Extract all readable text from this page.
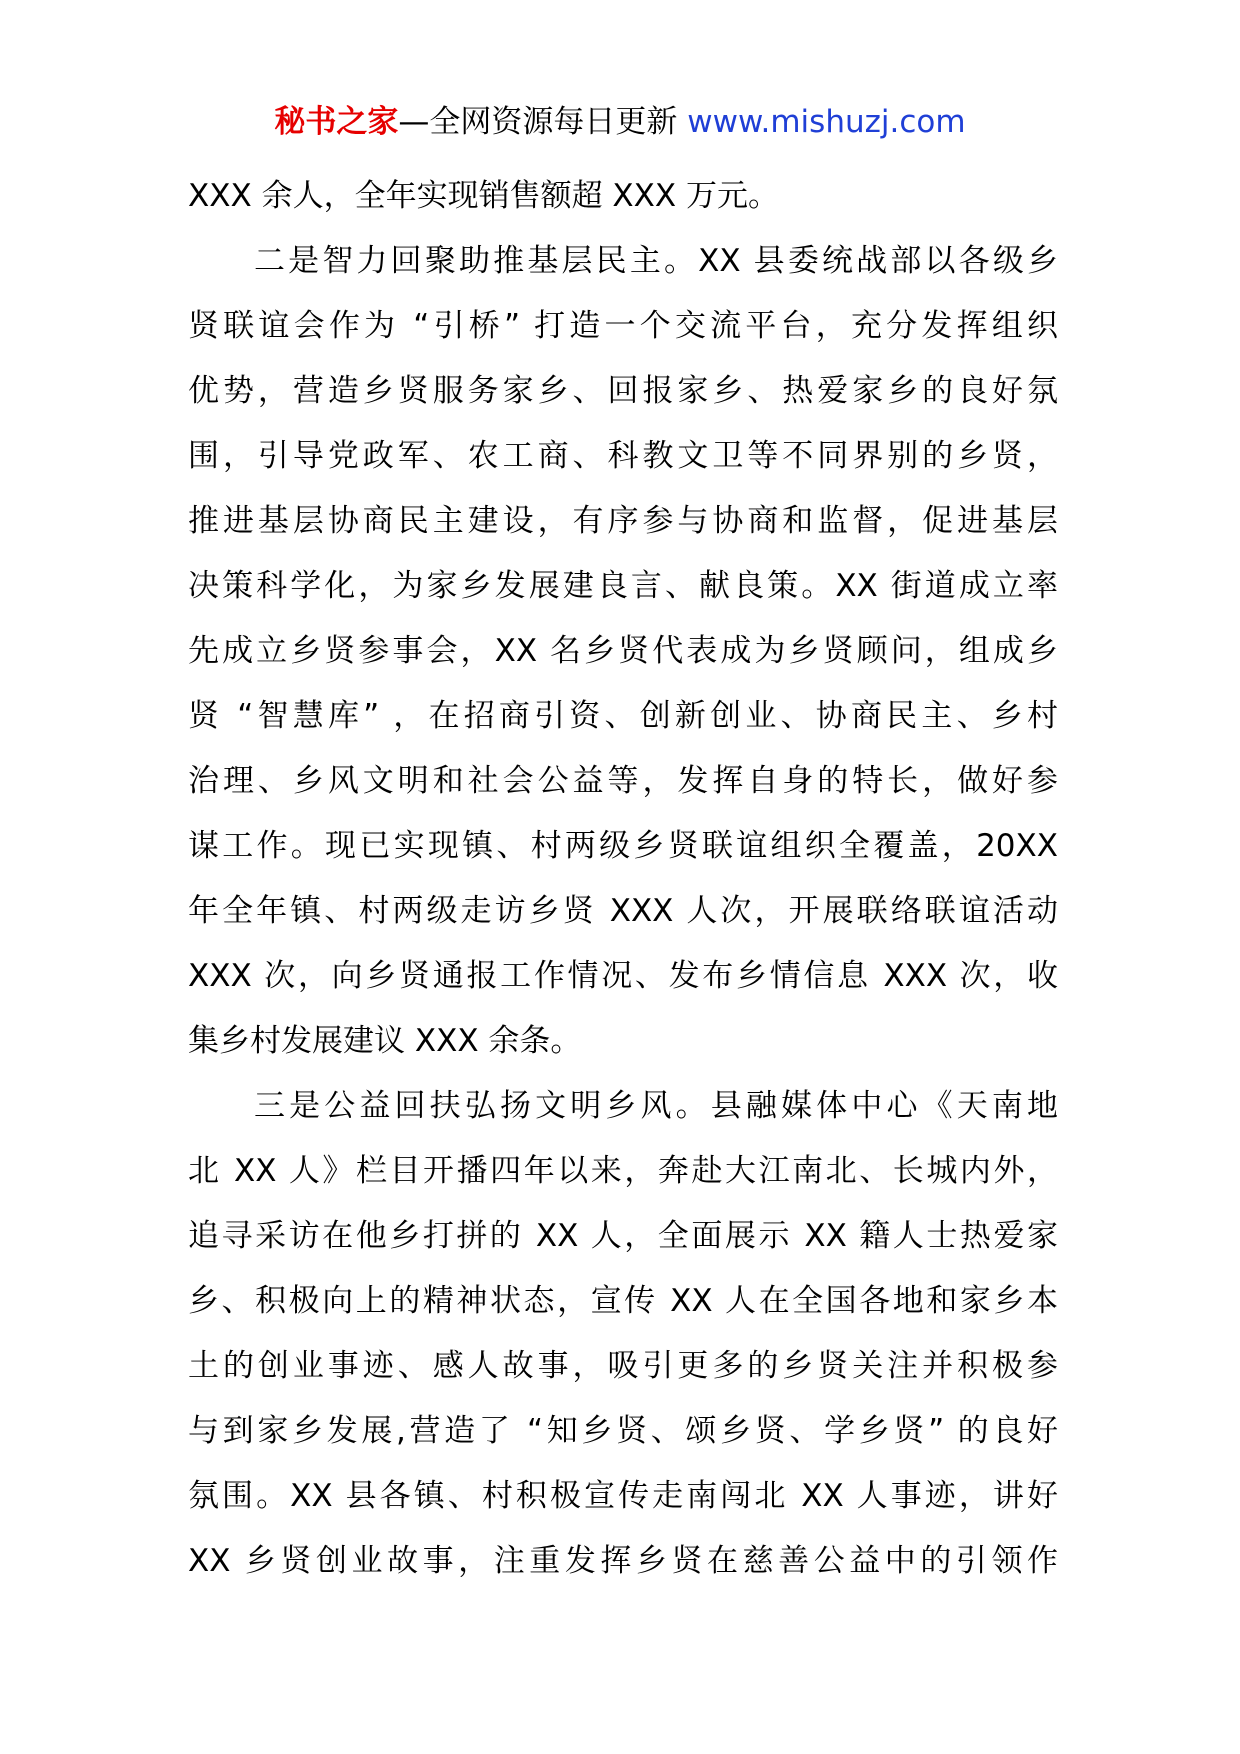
秘书之家—全网资源每日更新 www.mishuzj.com
XXX 余人，全年实现销售额超 XXX 万元。
二是智力回聚助推基层民主。XX 县委统战部以各级乡
贤联谊会作为 “引桥” 打造一个交流平台，充分发挥组织
优势，营造乡贤服务家乡、回报家乡、热爱家乡的良好氛
围，引导党政军、农工商、科教文卫等不同界别的乡贤，
推进基层协商民主建设，有序参与协商和监督，促进基层
决策科学化，为家乡发展建良言、献良策。XX 街道成立率
先成立乡贤参事会，XX 名乡贤代表成为乡贤顾问，组成乡
贤 “智慧库” ，在招商引资、创新创业、协商民主、乡村
治理、乡风文明和社会公益等，发挥自身的特长，做好参
谋工作。现已实现镇、村两级乡贤联谊组织全覆盖，20XX
年全年镇、村两级走访乡贤 XXX 人次，开展联络联谊活动
XXX 次，向乡贤通报工作情况、发布乡情信息 XXX 次，收
集乡村发展建议 XXX 余条。
三是公益回扶弘扬文明乡风。县融媒体中心《天南地
北 XX 人》栏目开播四年以来，奔赴大江南北、长城内外，
追寻采访在他乡打拼的 XX 人，全面展示 XX 籍人士热爱家
乡、积极向上的精神状态，宣传 XX 人在全国各地和家乡本
土的创业事迹、感人故事，吸引更多的乡贤关注并积极参
与到家乡发展,营造了 “知乡贤、颂乡贤、学乡贤” 的良好
氛围。XX 县各镇、村积极宣传走南闯北 XX 人事迹，讲好
XX 乡贤创业故事，注重发挥乡贤在慈善公益中的引领作
